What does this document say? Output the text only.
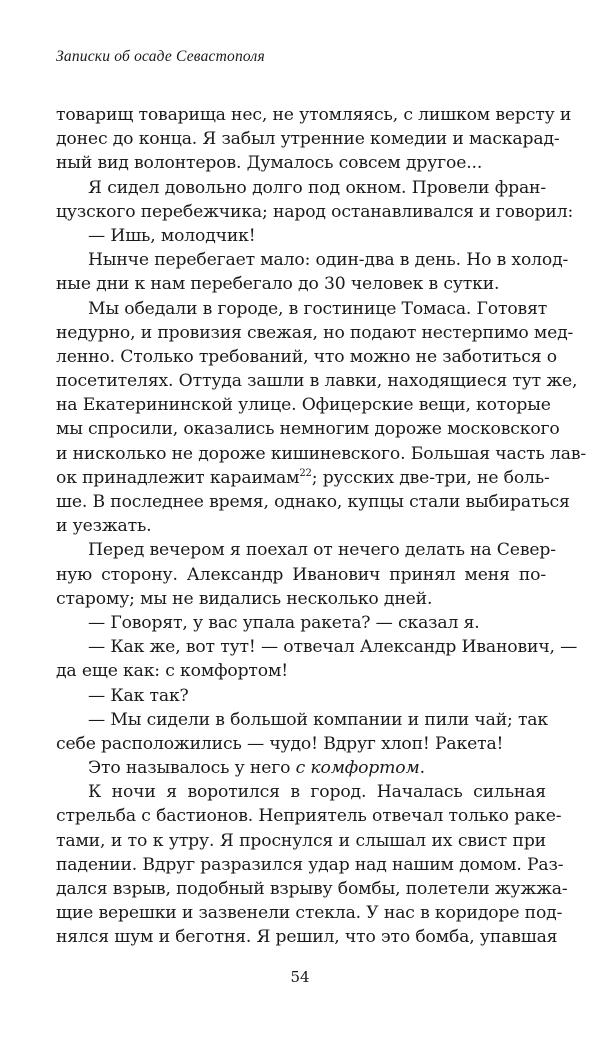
Записки об осаде Севастополя
товарищ товарища нес, не утомляясь, с лишком версту и
донес до конца. Я забыл утренние комедии и маскарад-
ный вид волонтеров. Думалось совсем другое...
Я сидел довольно долго под окном. Провели фран-
цузского перебежчика; народ останавливался и говорил:
— Ишь, молодчик!
Нынче перебегает мало: один-два в день. Но в холод-
ные дни к нам перебегало до 30 человек в сутки.
Мы обедали в городе, в гостинице Томаса. Готовят
недурно, и провизия свежая, но подают нестерпимо мед-
ленно. Столько требований, что можно не заботиться о
посетителях. Оттуда зашли в лавки, находящиеся тут же,
на Екатерининской улице. Офицерские вещи, которые
мы спросили, оказались немногим дороже московского
и нисколько не дороже кишиневского. Большая часть лав-
ок принадлежит караимам$^{22}$; русских две-три, не боль-
ше. В последнее время, однако, купцы стали выбираться
и уезжать.
Перед вечером я поехал от нечего делать на Север-
ную сторону. Александр Иванович принял меня по-
старому; мы не видались несколько дней.
— Говорят, у вас упала ракета? — сказал я.
— Как же, вот тут! — отвечал Александр Иванович, —
да еще как: с комфортом!
— Как так?
— Мы сидели в большой компании и пили чай; так
себе расположились — чудо! Вдруг хлоп! Ракета!
Это называлось у него с комфортом.
К ночи я воротился в город. Началась сильная
стрельба с бастионов. Неприятель отвечал только раке-
тами, и то к утру. Я проснулся и слышал их свист при
падении. Вдруг разразился удар над нашим домом. Раз-
дался взрыв, подобный взрыву бомбы, полетели жужжа-
щие верешки и зазвенели стекла. У нас в коридоре под-
нялся шум и беготня. Я решил, что это бомба, упавшая
54
